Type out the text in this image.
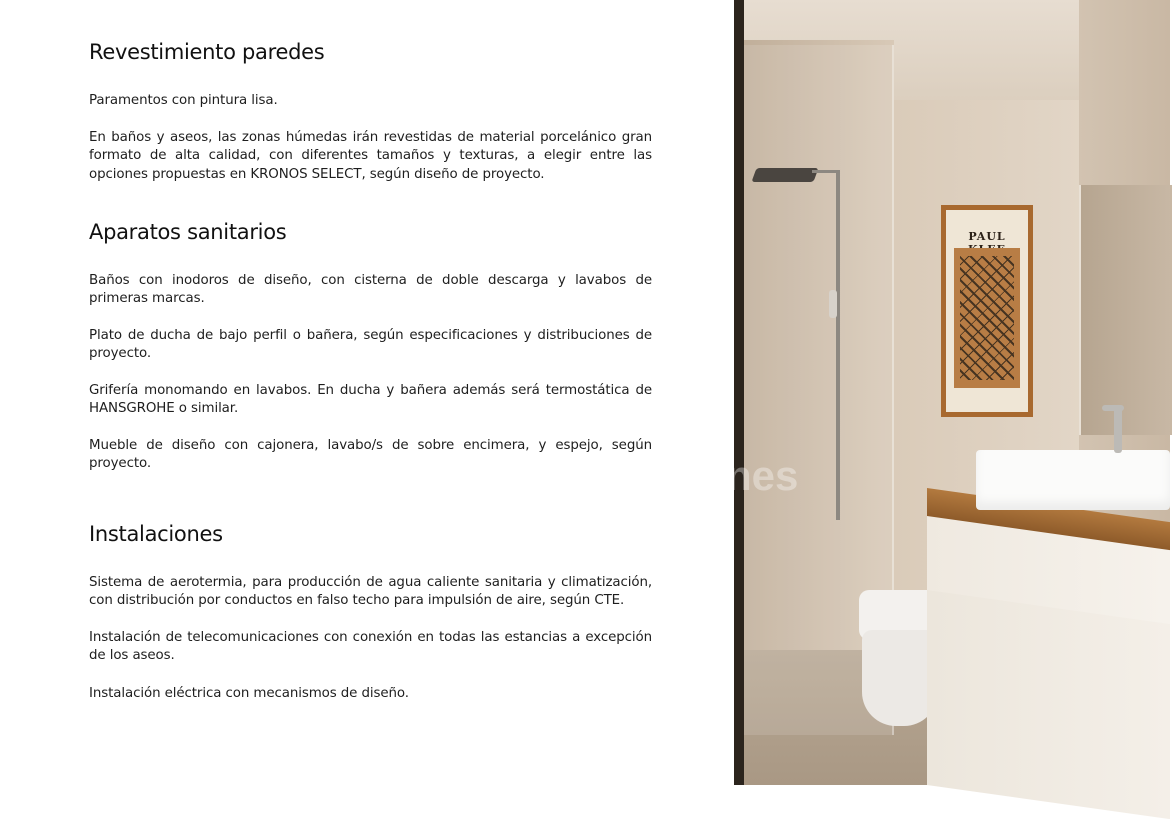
Revestimiento paredes

Paramentos con pintura lisa.

En baños y aseos, las zonas húmedas irán revestidas de material porcelánico gran formato de alta calidad, con diferentes tamaños y texturas, a elegir entre las opciones propuestas en KRONOS SELECT, según diseño de proyecto.

Aparatos sanitarios

Baños con inodoros de diseño, con cisterna de doble descarga y lavabos de primeras marcas.

Plato de ducha de bajo perfil o bañera, según especificaciones y distribuciones de proyecto.

Grifería monomando en lavabos. En ducha y bañera además será termostática de HANSGROHE o similar.

Mueble de diseño con cajonera, lavabo/s de sobre encimera, y espejo, según proyecto.

Instalaciones

Sistema de aerotermia, para producción de agua caliente sanitaria y climatización, con distribución por conductos en falso techo para impulsión de aire, según CTE.

Instalación de telecomunicaciones con conexión en todas las estancias a excepción de los aseos.

Instalación eléctrica con mecanismos de diseño.

PAUL
nes
